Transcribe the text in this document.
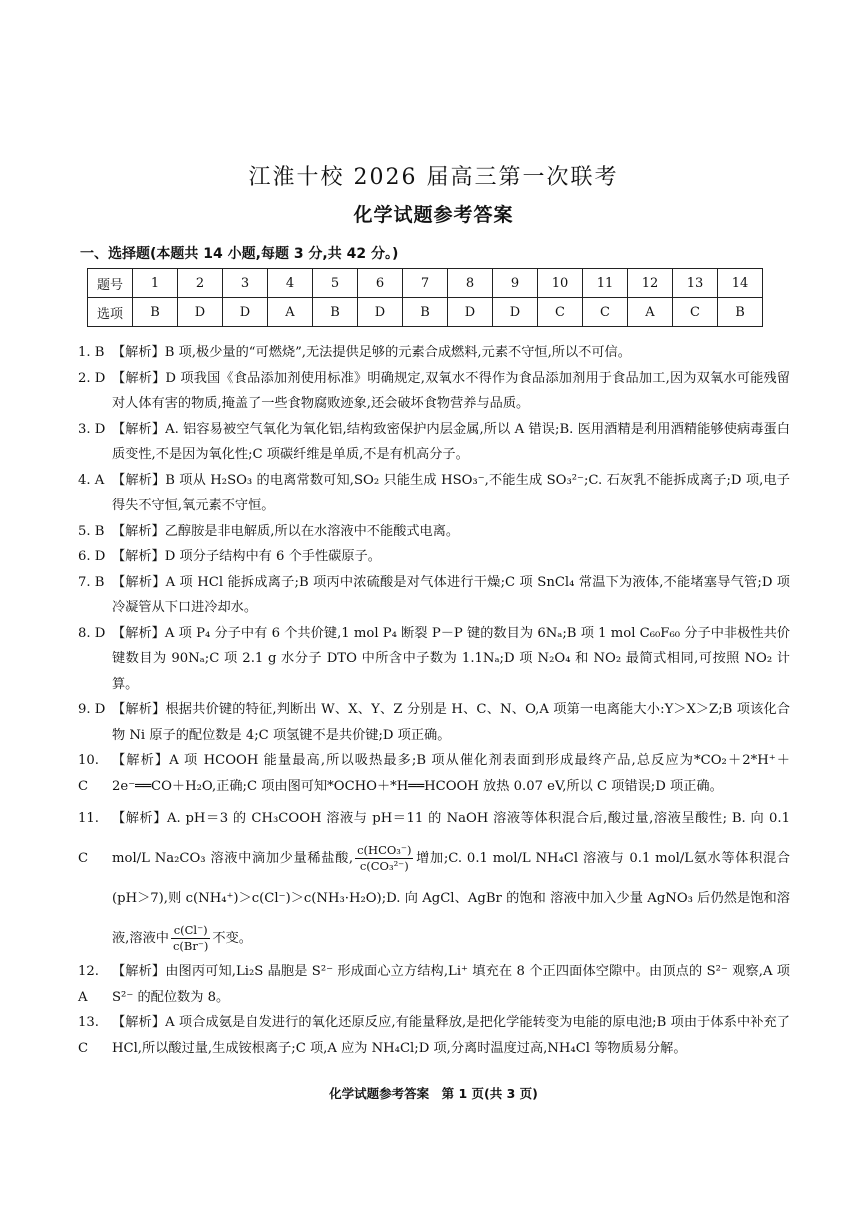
江淮十校 2026 届高三第一次联考
化学试题参考答案
一、选择题(本题共 14 小题,每题 3 分,共 42 分。)
题号	1	2	3	4	5	6	7	8	9	10	11	12	13	14
选项	B	D	D	A	B	D	B	D	D	C	C	A	C	B
1. B 【解析】B 项,极少量的“可燃烧”,无法提供足够的元素合成燃料,元素不守恒,所以不可信。
2. D 【解析】D 项我国《食品添加剂使用标准》明确规定,双氧水不得作为食品添加剂用于食品加工,因为双氧水可能残留对人体有害的物质,掩盖了一些食物腐败迹象,还会破坏食物营养与品质。
3. D 【解析】A. 铝容易被空气氧化为氧化铝,结构致密保护内层金属,所以 A 错误;B. 医用酒精是利用酒精能够使病毒蛋白质变性,不是因为氧化性;C 项碳纤维是单质,不是有机高分子。
4. A 【解析】B 项从 H₂SO₃ 的电离常数可知,SO₂ 只能生成 HSO₃⁻,不能生成 SO₃²⁻;C. 石灰乳不能拆成离子;D 项,电子得失不守恒,氧元素不守恒。
5. B 【解析】乙醇胺是非电解质,所以在水溶液中不能酸式电离。
6. D 【解析】D 项分子结构中有 6 个手性碳原子。
7. B 【解析】A 项 HCl 能拆成离子;B 项丙中浓硫酸是对气体进行干燥;C 项 SnCl₄ 常温下为液体,不能堵塞导气管;D 项冷凝管从下口进冷却水。
8. D 【解析】A 项 P₄ 分子中有 6 个共价键,1 mol P₄ 断裂 P－P 键的数目为 6Nₐ;B 项 1 mol C₆₀F₆₀ 分子中非极性共价键数目为 90Nₐ;C 项 2.1 g 水分子 DTO 中所含中子数为 1.1Nₐ;D 项 N₂O₄ 和 NO₂ 最简式相同,可按照 NO₂ 计算。
9. D 【解析】根据共价键的特征,判断出 W、X、Y、Z 分别是 H、C、N、O,A 项第一电离能大小:Y＞X＞Z;B 项该化合物 Ni 原子的配位数是 4;C 项氢键不是共价键;D 项正确。
10. C
【解析】A 项 HCOOH 能量最高,所以吸热最多;B 项从催化剂表面到形成最终产品,总反应为*CO₂＋2*H⁺＋2e⁻══CO＋H₂O,正确;C 项由图可知*OCHO＋*H══HCOOH 放热 0.07 eV,所以 C 项错误;D 项正确。
11. C
【解析】A. pH＝3 的 CH₃COOH 溶液与 pH＝11 的 NaOH 溶液等体积混合后,酸过量,溶液呈酸性; B. 向 0.1 mol/L Na₂CO₃ 溶液中滴加少量稀盐酸, $\frac{\text{c(HCO₃⁻)}}{\text{c(CO₃²⁻)}}$ 增加;C. 0.1 mol/L NH₄Cl 溶液与 0.1 mol/L氨水等体积混合(pH＞7),则 c(NH₄⁺)＞c(Cl⁻)＞c(NH₃·H₂O);D. 向 AgCl、AgBr 的饱和 溶液中加入少量 AgNO₃ 后仍然是饱和溶液,溶液中 $\frac{c(Cl^-)}{c(Br^-)}$ 不变。
12. A
【解析】由图丙可知,Li₂S 晶胞是 S²⁻ 形成面心立方结构,Li⁺ 填充在 8 个正四面体空隙中。由顶点的 S²⁻ 观察,A 项 S²⁻ 的配位数为 8。
13. C
【解析】A 项合成氨是自发进行的氧化还原反应,有能量释放,是把化学能转变为电能的原电池;B 项由于体系中补充了 HCl,所以酸过量,生成铵根离子;C 项,A 应为 NH₄Cl;D 项,分离时温度过高,NH₄Cl 等物质易分解。
化学试题参考答案　第 1 页(共 3 页)
